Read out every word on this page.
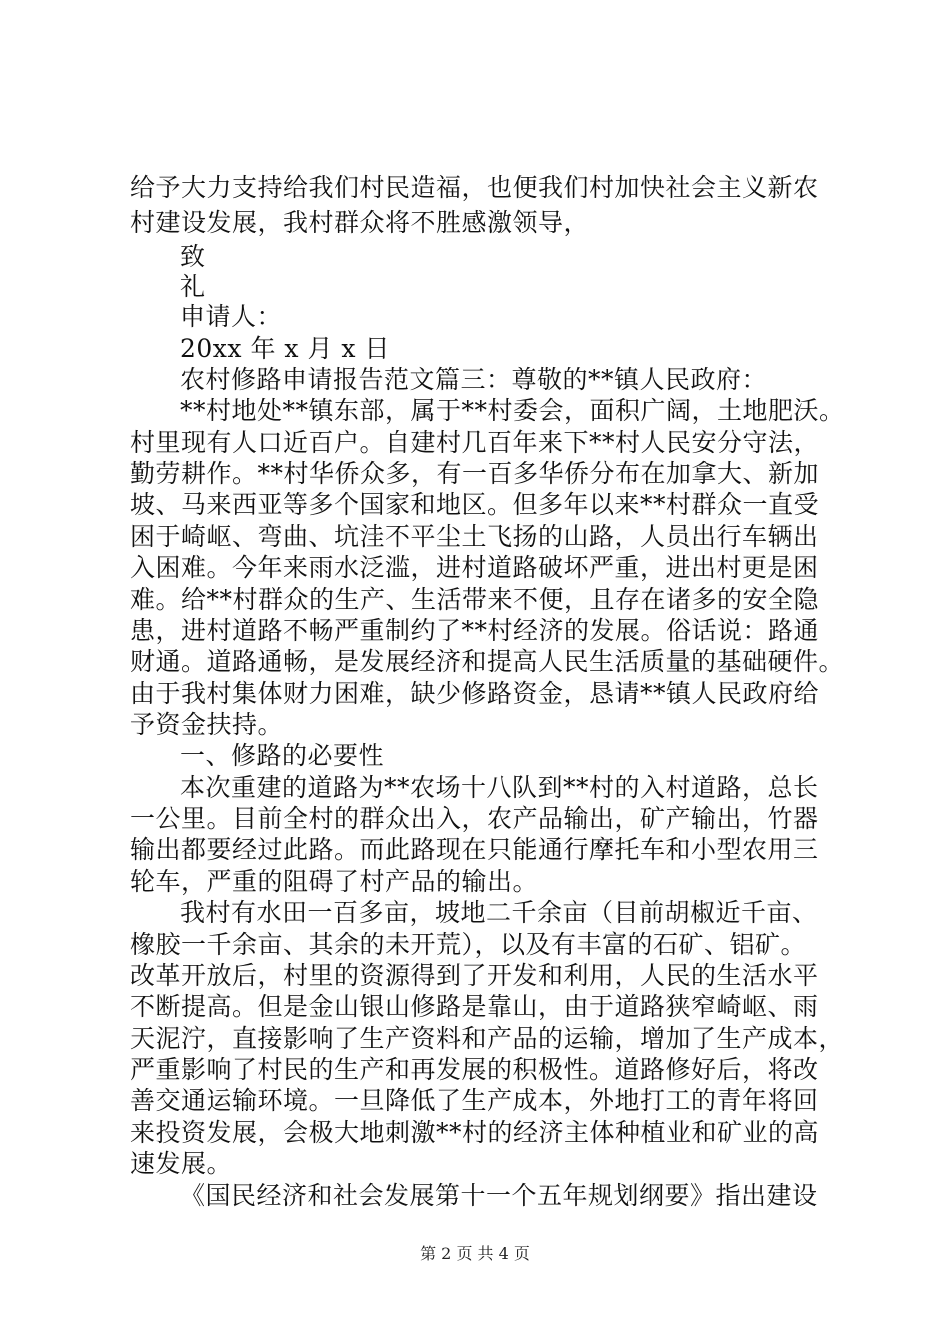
给予大力支持给我们村民造福，也便我们村加快社会主义新农
村建设发展，我村群众将不胜感激领导，
致
礼
申请人：
20xx 年 x 月 x 日
农村修路申请报告范文篇三：尊敬的**镇人民政府：
**村地处**镇东部，属于**村委会，面积广阔，土地肥沃。
村里现有人口近百户。自建村几百年来下**村人民安分守法，
勤劳耕作。**村华侨众多，有一百多华侨分布在加拿大、新加
坡、马来西亚等多个国家和地区。但多年以来**村群众一直受
困于崎岖、弯曲、坑洼不平尘土飞扬的山路，人员出行车辆出
入困难。今年来雨水泛滥，进村道路破坏严重，进出村更是困
难。给**村群众的生产、生活带来不便，且存在诸多的安全隐
患，进村道路不畅严重制约了**村经济的发展。俗话说：路通
财通。道路通畅，是发展经济和提高人民生活质量的基础硬件。
由于我村集体财力困难，缺少修路资金，恳请**镇人民政府给
予资金扶持。
一、修路的必要性
本次重建的道路为**农场十八队到**村的入村道路，总长
一公里。目前全村的群众出入，农产品输出，矿产输出，竹器
输出都要经过此路。而此路现在只能通行摩托车和小型农用三
轮车，严重的阻碍了村产品的输出。
我村有水田一百多亩，坡地二千余亩（目前胡椒近千亩、
橡胶一千余亩、其余的未开荒），以及有丰富的石矿、铝矿。
改革开放后，村里的资源得到了开发和利用，人民的生活水平
不断提高。但是金山银山修路是靠山，由于道路狭窄崎岖、雨
天泥泞，直接影响了生产资料和产品的运输，增加了生产成本，
严重影响了村民的生产和再发展的积极性。道路修好后，将改
善交通运输环境。一旦降低了生产成本，外地打工的青年将回
来投资发展，会极大地刺激**村的经济主体种植业和矿业的高
速发展。
《国民经济和社会发展第十一个五年规划纲要》指出建设
第 2 页 共 4 页
